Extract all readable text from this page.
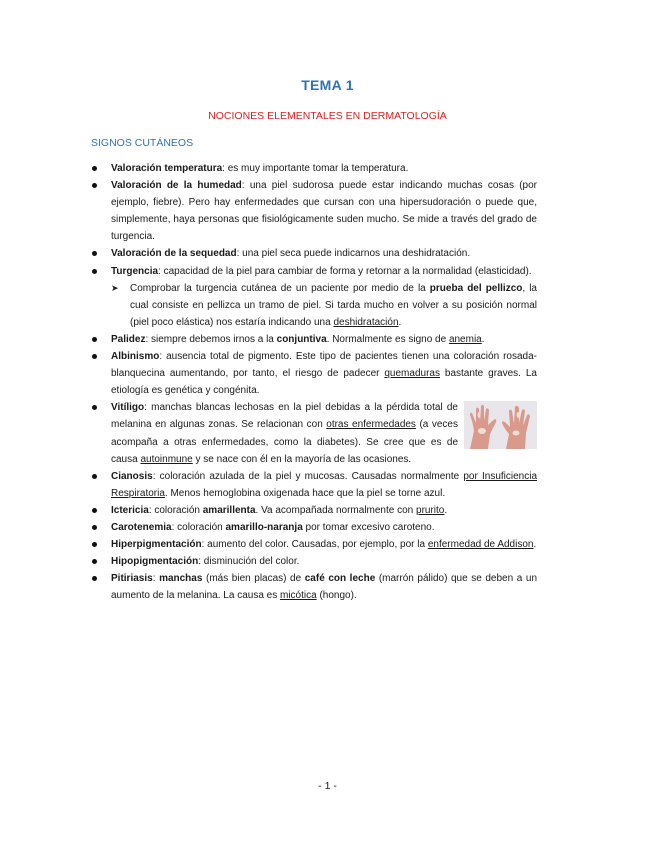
TEMA 1
NOCIONES ELEMENTALES EN DERMATOLOGÍA
SIGNOS CUTÁNEOS
Valoración temperatura: es muy importante tomar la temperatura.
Valoración de la humedad: una piel sudorosa puede estar indicando muchas cosas (por ejemplo, fiebre). Pero hay enfermedades que cursan con una hipersudoración o puede que, simplemente, haya personas que fisiológicamente suden mucho. Se mide a través del grado de turgencia.
Valoración de la sequedad: una piel seca puede indicarnos una deshidratación.
Turgencia: capacidad de la piel para cambiar de forma y retornar a la normalidad (elasticidad).
➤ Comprobar la turgencia cutánea de un paciente por medio de la prueba del pellizco, la cual consiste en pellizca un tramo de piel. Si tarda mucho en volver a su posición normal (piel poco elástica) nos estaría indicando una deshidratación.
Palidez: siempre debemos irnos a la conjuntiva. Normalmente es signo de anemia.
Albinismo: ausencia total de pigmento. Este tipo de pacientes tienen una coloración rosada-blanquecina aumentando, por tanto, el riesgo de padecer quemaduras bastante graves. La etiología es genética y congénita.
Vitíligo: manchas blancas lechosas en la piel debidas a la pérdida total de melanina en algunas zonas. Se relacionan con otras enfermedades (a veces acompaña a otras enfermedades, como la diabetes). Se cree que es de causa autoinmune y se nace con él en la mayoría de las ocasiones.
Cianosis: coloración azulada de la piel y mucosas. Causadas normalmente por Insuficiencia Respiratoria. Menos hemoglobina oxigenada hace que la piel se torne azul.
Ictericia: coloración amarillenta. Va acompañada normalmente con prurito.
Carotenemia: coloración amarillo-naranja por tomar excesivo caroteno.
Hiperpigmentación: aumento del color. Causadas, por ejemplo, por la enfermedad de Addison.
Hipopigmentación: disminución del color.
Pitiriasis: manchas (más bien placas) de café con leche (marrón pálido) que se deben a un aumento de la melanina. La causa es micótica (hongo).
- 1 -
